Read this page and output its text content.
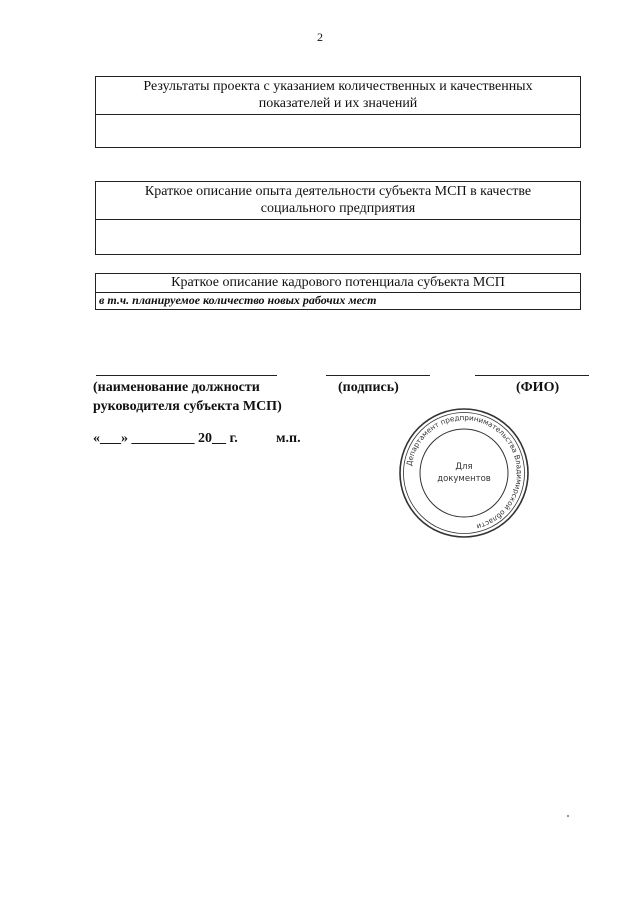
2
Результаты проекта с указанием количественных и качественных показателей и их значений
Краткое описание опыта деятельности субъекта МСП в качестве социального предприятия
Краткое описание кадрового потенциала субъекта МСП
в т.ч. планируемое количество новых рабочих мест
(наименование должности
руководителя субъекта МСП)
(подпись)	(ФИО)
«___» _________ 20__ г.	м.п.
Департамент предпринимательства Владимирской области
Для
документов
